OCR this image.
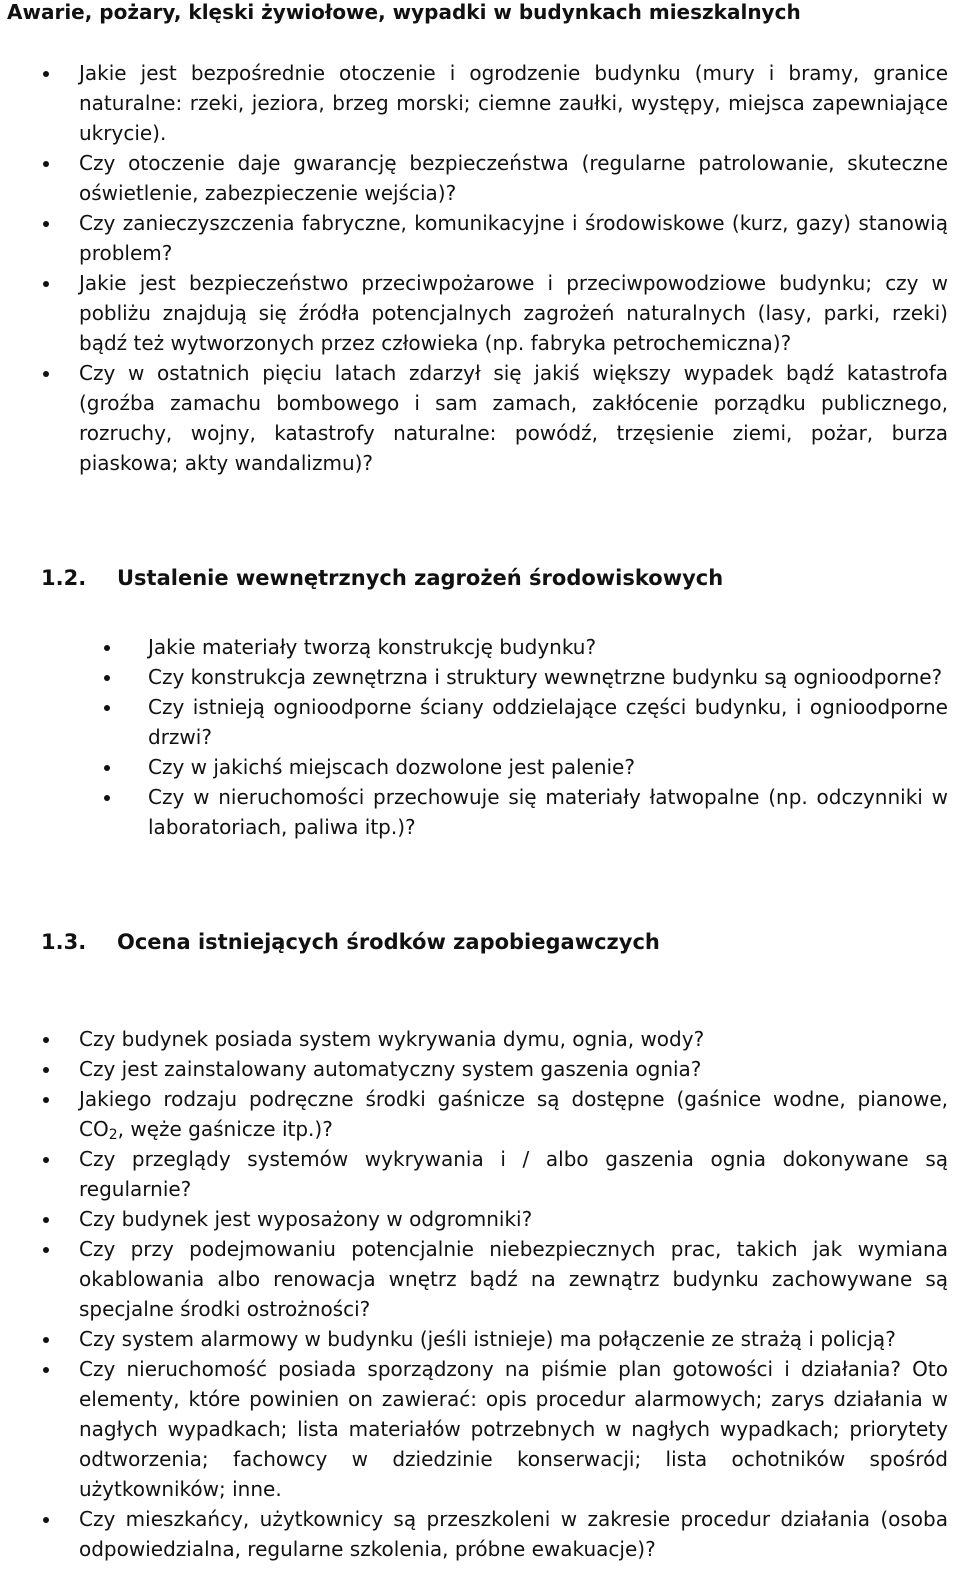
Awarie, pożary, klęski żywiołowe, wypadki w budynkach mieszkalnych
Jakie jest bezpośrednie otoczenie i ogrodzenie budynku (mury i bramy, granice naturalne: rzeki, jeziora, brzeg morski; ciemne zaułki, występy, miejsca zapewniające ukrycie).
Czy otoczenie daje gwarancję bezpieczeństwa (regularne patrolowanie, skuteczne oświetlenie, zabezpieczenie wejścia)?
Czy zanieczyszczenia fabryczne, komunikacyjne i środowiskowe (kurz, gazy) stanowią problem?
Jakie jest bezpieczeństwo przeciwpożarowe i przeciwpowodziowe budynku; czy w pobliżu znajdują się źródła potencjalnych zagrożeń naturalnych (lasy, parki, rzeki) bądź też wytworzonych przez człowieka (np. fabryka petrochemiczna)?
Czy w ostatnich pięciu latach zdarzył się jakiś większy wypadek bądź katastrofa (groźba zamachu bombowego i sam zamach, zakłócenie porządku publicznego, rozruchy, wojny, katastrofy naturalne: powódź, trzęsienie ziemi, pożar, burza piaskowa; akty wandalizmu)?
1.2. Ustalenie wewnętrznych zagrożeń środowiskowych
Jakie materiały tworzą konstrukcję budynku?
Czy konstrukcja zewnętrzna i struktury wewnętrzne budynku są ognioodporne?
Czy istnieją ognioodporne ściany oddzielające części budynku, i ognioodporne drzwi?
Czy w jakichś miejscach dozwolone jest palenie?
Czy w nieruchomości przechowuje się materiały łatwopalne (np. odczynniki w laboratoriach, paliwa itp.)?
1.3. Ocena istniejących środków zapobiegawczych
Czy budynek posiada system wykrywania dymu, ognia, wody?
Czy jest zainstalowany automatyczny system gaszenia ognia?
Jakiego rodzaju podręczne środki gaśnicze są dostępne (gaśnice wodne, pianowe, $CO_2$, węże gaśnicze itp.)?
Czy przeglądy systemów wykrywania i / albo gaszenia ognia dokonywane są regularnie?
Czy budynek jest wyposażony w odgromniki?
Czy przy podejmowaniu potencjalnie niebezpiecznych prac, takich jak wymiana okablowania albo renowacja wnętrz bądź na zewnątrz budynku zachowywane są specjalne środki ostrożności?
Czy system alarmowy w budynku (jeśli istnieje) ma połączenie ze strażą i policją?
Czy nieruchomość posiada sporządzony na piśmie plan gotowości i działania? Oto elementy, które powinien on zawierać: opis procedur alarmowych; zarys działania w nagłych wypadkach; lista materiałów potrzebnych w nagłych wypadkach; priorytety odtworzenia; fachowcy w dziedzinie konserwacji; lista ochotników spośród użytkowników; inne.
Czy mieszkańcy, użytkownicy są przeszkoleni w zakresie procedur działania (osoba odpowiedzialna, regularne szkolenia, próbne ewakuacje)?
